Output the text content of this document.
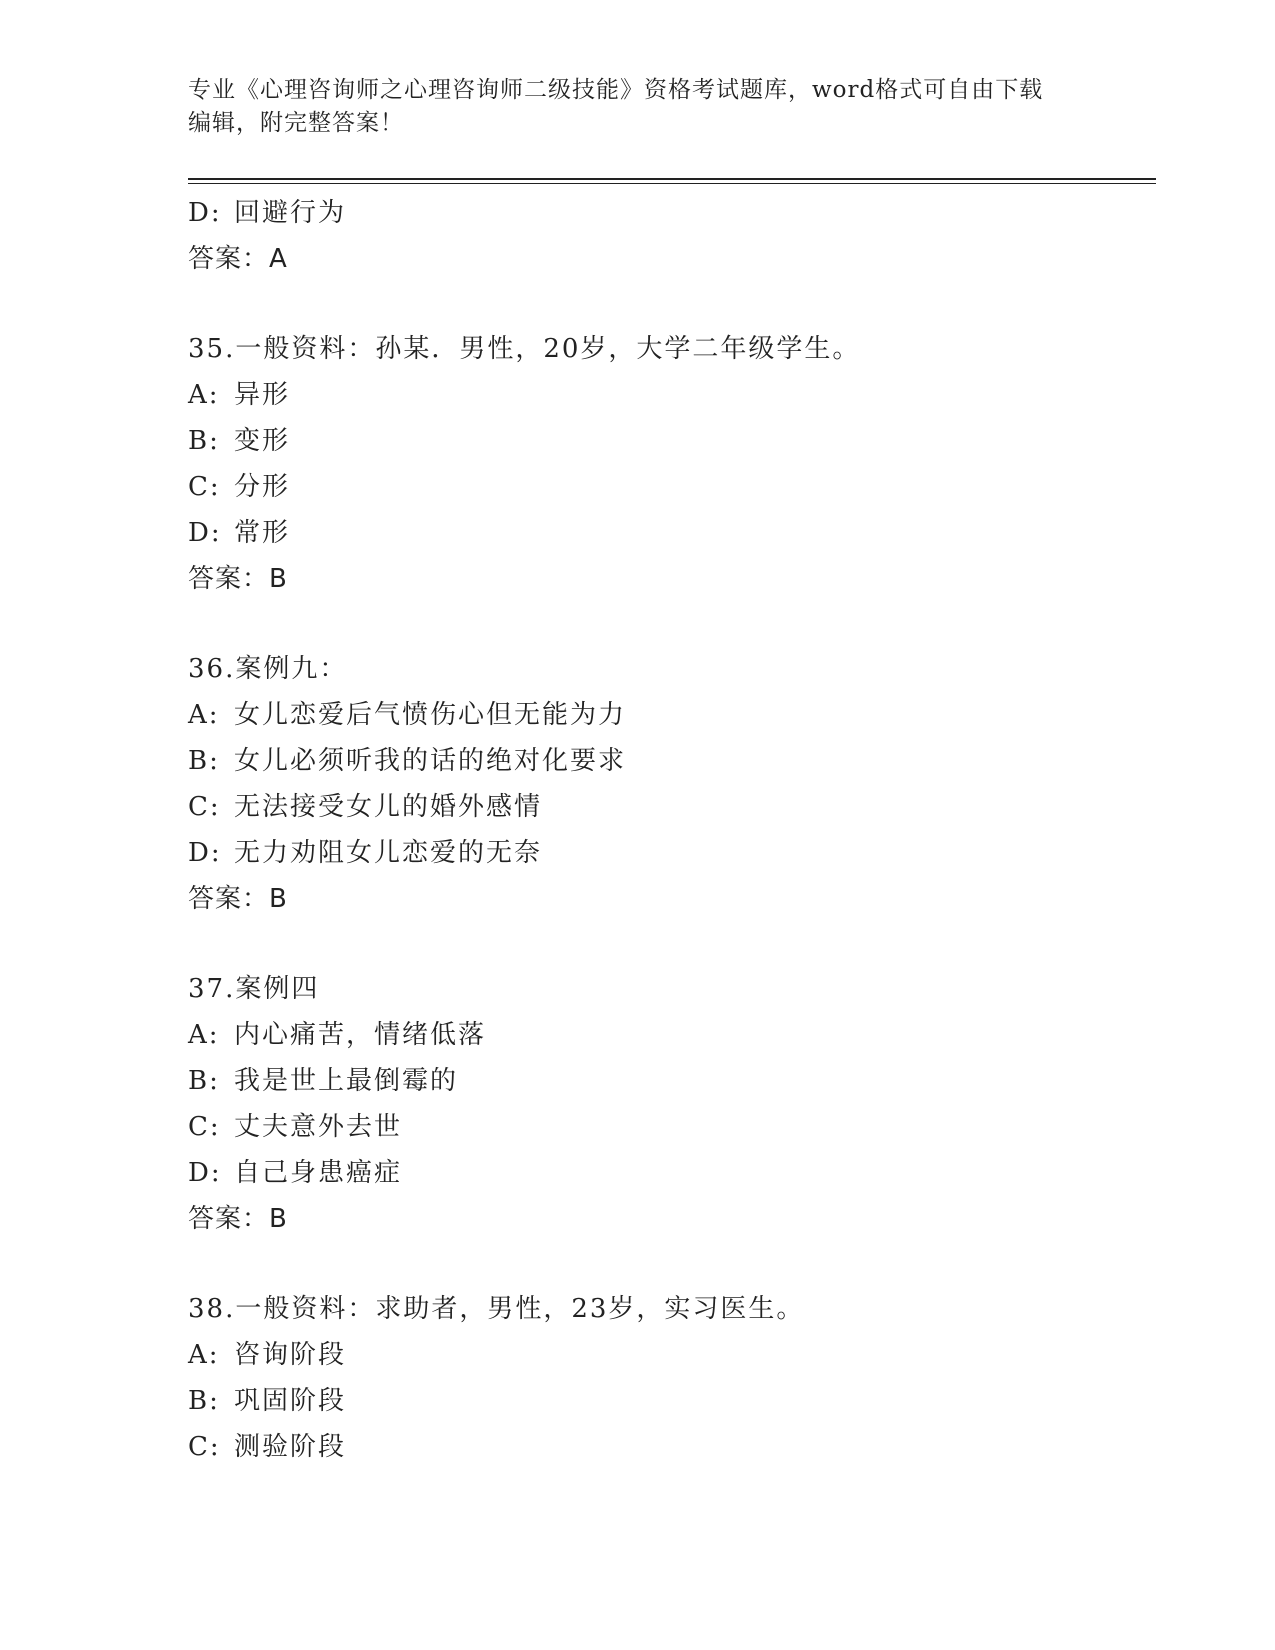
专业《心理咨询师之心理咨询师二级技能》资格考试题库，word格式可自由下载
编辑，附完整答案！
D: 回避行为
答案：A
35.一般资料：孙某．男性，20岁，大学二年级学生。
A: 异形
B: 变形
C: 分形
D: 常形
答案：B
36.案例九：
A: 女儿恋爱后气愤伤心但无能为力
B: 女儿必须听我的话的绝对化要求
C: 无法接受女儿的婚外感情
D: 无力劝阻女儿恋爱的无奈
答案：B
37.案例四
A: 内心痛苦，情绪低落
B: 我是世上最倒霉的
C: 丈夫意外去世
D: 自己身患癌症
答案：B
38.一般资料：求助者，男性，23岁，实习医生。
A: 咨询阶段
B: 巩固阶段
C: 测验阶段
